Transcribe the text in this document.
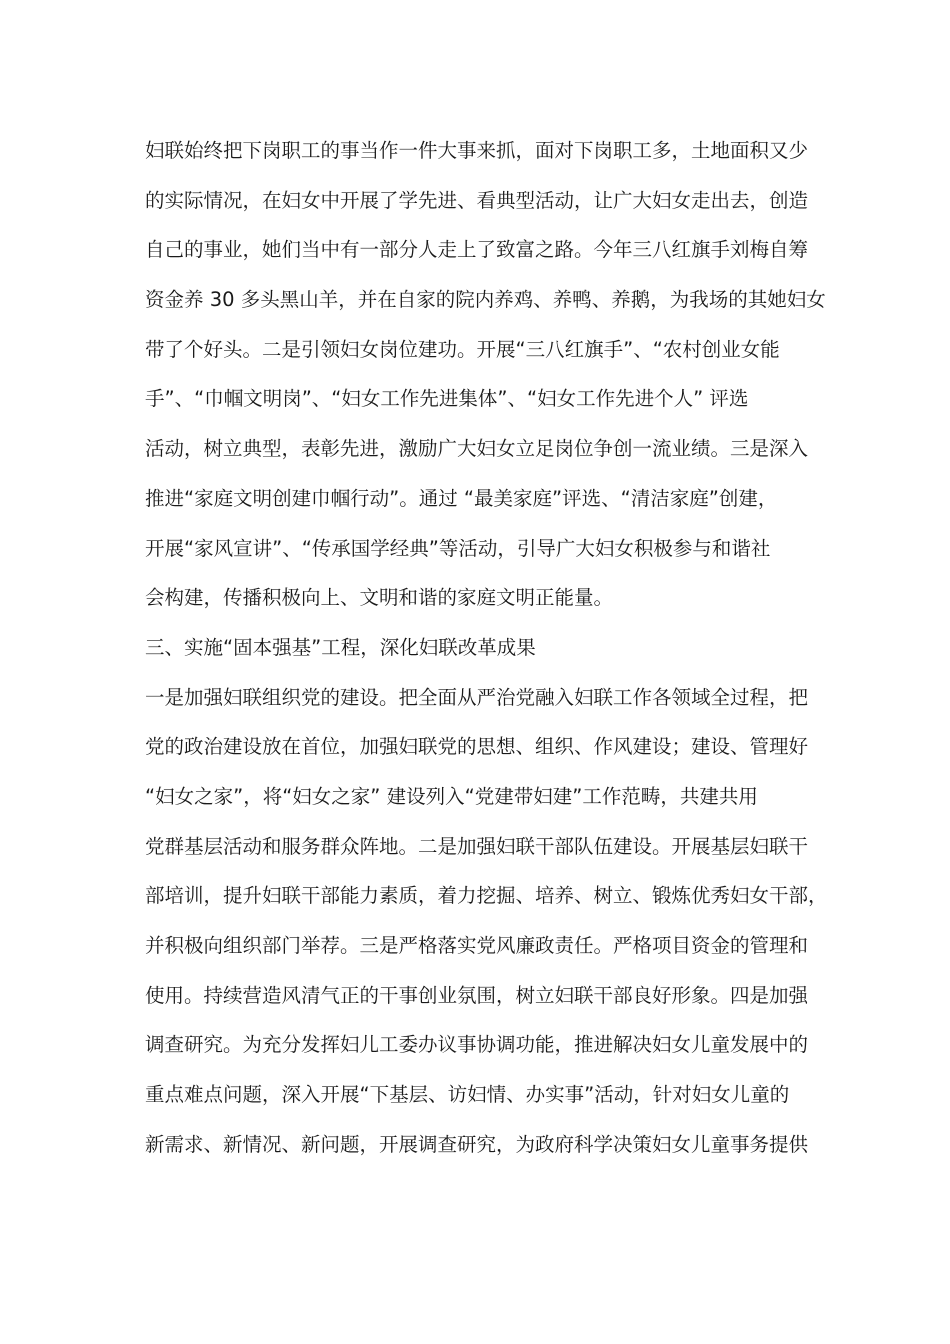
妇联始终把下岗职工的事当作一件大事来抓，面对下岗职工多，土地面积又少
的实际情况，在妇女中开展了学先进、看典型活动，让广大妇女走出去，创造
自己的事业，她们当中有一部分人走上了致富之路。今年三八红旗手刘梅自筹
资金养 30 多头黑山羊，并在自家的院内养鸡、养鸭、养鹅，为我场的其她妇女
带了个好头。二是引领妇女岗位建功。开展“三八红旗手”、“农村创业女能
手”、“巾帼文明岗”、“妇女工作先进集体”、“妇女工作先进个人” 评选
活动，树立典型，表彰先进，激励广大妇女立足岗位争创一流业绩。三是深入
推进“家庭文明创建巾帼行动”。通过 “最美家庭”评选、“清洁家庭”创建，
开展“家风宣讲”、“传承国学经典”等活动，引导广大妇女积极参与和谐社
会构建，传播积极向上、文明和谐的家庭文明正能量。
三、实施“固本强基”工程，深化妇联改革成果
一是加强妇联组织党的建设。把全面从严治党融入妇联工作各领域全过程，把
党的政治建设放在首位，加强妇联党的思想、组织、作风建设；建设、管理好
“妇女之家”，将“妇女之家” 建设列入“党建带妇建”工作范畴，共建共用
党群基层活动和服务群众阵地。二是加强妇联干部队伍建设。开展基层妇联干
部培训，提升妇联干部能力素质，着力挖掘、培养、树立、锻炼优秀妇女干部，
并积极向组织部门举荐。三是严格落实党风廉政责任。严格项目资金的管理和
使用。持续营造风清气正的干事创业氛围，树立妇联干部良好形象。四是加强
调查研究。为充分发挥妇儿工委办议事协调功能，推进解决妇女儿童发展中的
重点难点问题，深入开展“下基层、访妇情、办实事”活动，针对妇女儿童的
新需求、新情况、新问题，开展调查研究，为政府科学决策妇女儿童事务提供
